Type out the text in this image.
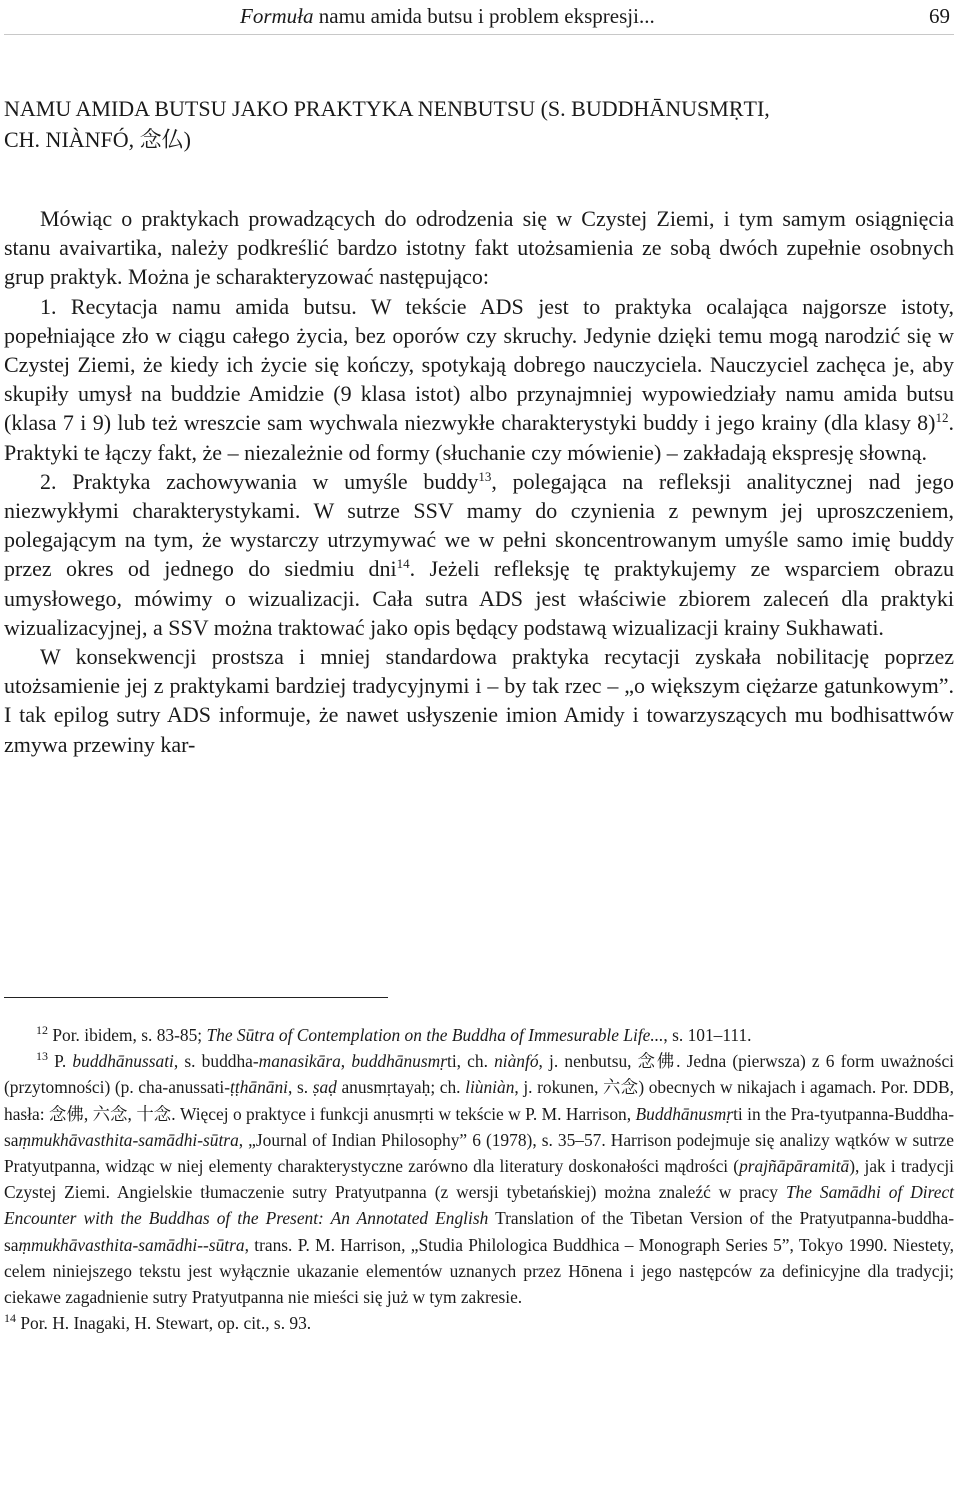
Formuła namu amida butsu i problem ekspresji...	69
NAMU AMIDA BUTSU JAKO PRAKTYKA NENBUTSU (S. BUDDHĀNUSMṚTI,
CH. NIÀNFÓ, 念仏)

Mówiąc o praktykach prowadzących do odrodzenia się w Czystej Ziemi, i tym samym osiągnięcia stanu avaivartika, należy podkreślić bardzo istotny fakt utożsamienia ze sobą dwóch zupełnie osobnych grup praktyk. Można je scharakteryzować następująco:

1. Recytacja namu amida butsu. W tekście ADS jest to praktyka ocalająca najgorsze istoty, popełniające zło w ciągu całego życia, bez oporów czy skruchy. Jedynie dzięki temu mogą narodzić się w Czystej Ziemi, że kiedy ich życie się kończy, spotykają dobrego nauczyciela. Nauczyciel zachęca je, aby skupiły umysł na buddzie Amidzie (9 klasa istot) albo przynajmniej wypowiedziały namu amida butsu (klasa 7 i 9) lub też wreszcie sam wychwala niezwykłe charakterystyki buddy i jego krainy (dla klasy 8)$^{12}$. Praktyki te łączy fakt, że – niezależnie od formy (słuchanie czy mówienie) – zakładają ekspresję słowną.

2. Praktyka zachowywania w umyśle buddy$^{13}$, polegająca na refleksji analitycznej nad jego niezwykłymi charakterystykami. W sutrze SSV mamy do czynienia z pewnym jej uproszczeniem, polegającym na tym, że wystarczy utrzymywać we w pełni skoncentrowanym umyśle samo imię buddy przez okres od jednego do siedmiu dni$^{14}$. Jeżeli refleksję tę praktykujemy ze wsparciem obrazu umysłowego, mówimy o wizualizacji. Cała sutra ADS jest właściwie zbiorem zaleceń dla praktyki wizualizacyjnej, a SSV można traktować jako opis będący podstawą wizualizacji krainy Sukhawati.

W konsekwencji prostsza i mniej standardowa praktyka recytacji zyskała nobilitację poprzez utożsamienie jej z praktykami bardziej tradycyjnymi i – by tak rzec – „o większym ciężarze gatunkowym”. I tak epilog sutry ADS informuje, że nawet usłyszenie imion Amidy i towarzyszących mu bodhisattwów zmywa przewiny kar-

$^{12}$ Por. ibidem, s. 83-85; The Sūtra of Contemplation on the Buddha of Immesurable Life..., s. 101–111.

$^{13}$ P. buddhānussati, s. buddha-manasikāra, buddhānusmṛti, ch. niànfó, j. nenbutsu, 念佛. Jedna (pierwsza) z 6 form uważności (przytomności) (p. cha-anussati-ṭṭhānāni, s. ṣaḍ anusmṛtayaḥ; ch. liùniàn, j. rokunen, 六念) obecnych w nikajach i agamach. Por. DDB, hasła: 念佛, 六念, 十念. Więcej o praktyce i funkcji anusmṛti w tekście w P. M. Harrison, Buddhānusmṛti in the Pra-tyutpanna-Buddha-saṃmukhāvasthita-samādhi-sūtra, „Journal of Indian Philosophy” 6 (1978), s. 35–57. Harrison podejmuje się analizy wątków w sutrze Pratyutpanna, widząc w niej elementy charakterystyczne zarówno dla literatury doskonałości mądrości (prajñāpāramitā), jak i tradycji Czystej Ziemi. Angielskie tłumaczenie sutry Pratyutpanna (z wersji tybetańskiej) można znaleźć w pracy The Samādhi of Direct Encounter with the Buddhas of the Present: An Annotated English Translation of the Tibetan Version of the Pratyutpanna-buddha-saṃmukhāvasthita-samādhi--sūtra, trans. P. M. Harrison, „Studia Philologica Buddhica – Monograph Series 5”, Tokyo 1990. Niestety, celem niniejszego tekstu jest wyłącznie ukazanie elementów uznanych przez Hōnena i jego następców za definicyjne dla tradycji; ciekawe zagadnienie sutry Pratyutpanna nie mieści się już w tym zakresie.

$^{14}$ Por. H. Inagaki, H. Stewart, op. cit., s. 93.
